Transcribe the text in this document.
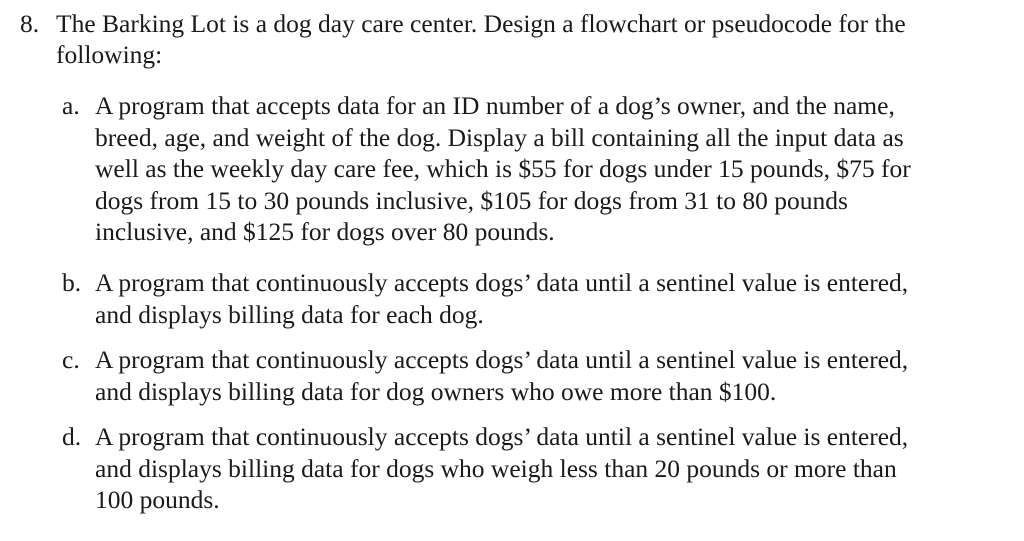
8. The Barking Lot is a dog day care center. Design a flowchart or pseudocode for the
following:
a. A program that accepts data for an ID number of a dog’s owner, and the name,
breed, age, and weight of the dog. Display a bill containing all the input data as
well as the weekly day care fee, which is $55 for dogs under 15 pounds, $75 for
dogs from 15 to 30 pounds inclusive, $105 for dogs from 31 to 80 pounds
inclusive, and $125 for dogs over 80 pounds.
b. A program that continuously accepts dogs’ data until a sentinel value is entered,
and displays billing data for each dog.
c. A program that continuously accepts dogs’ data until a sentinel value is entered,
and displays billing data for dog owners who owe more than $100.
d. A program that continuously accepts dogs’ data until a sentinel value is entered,
and displays billing data for dogs who weigh less than 20 pounds or more than
100 pounds.
